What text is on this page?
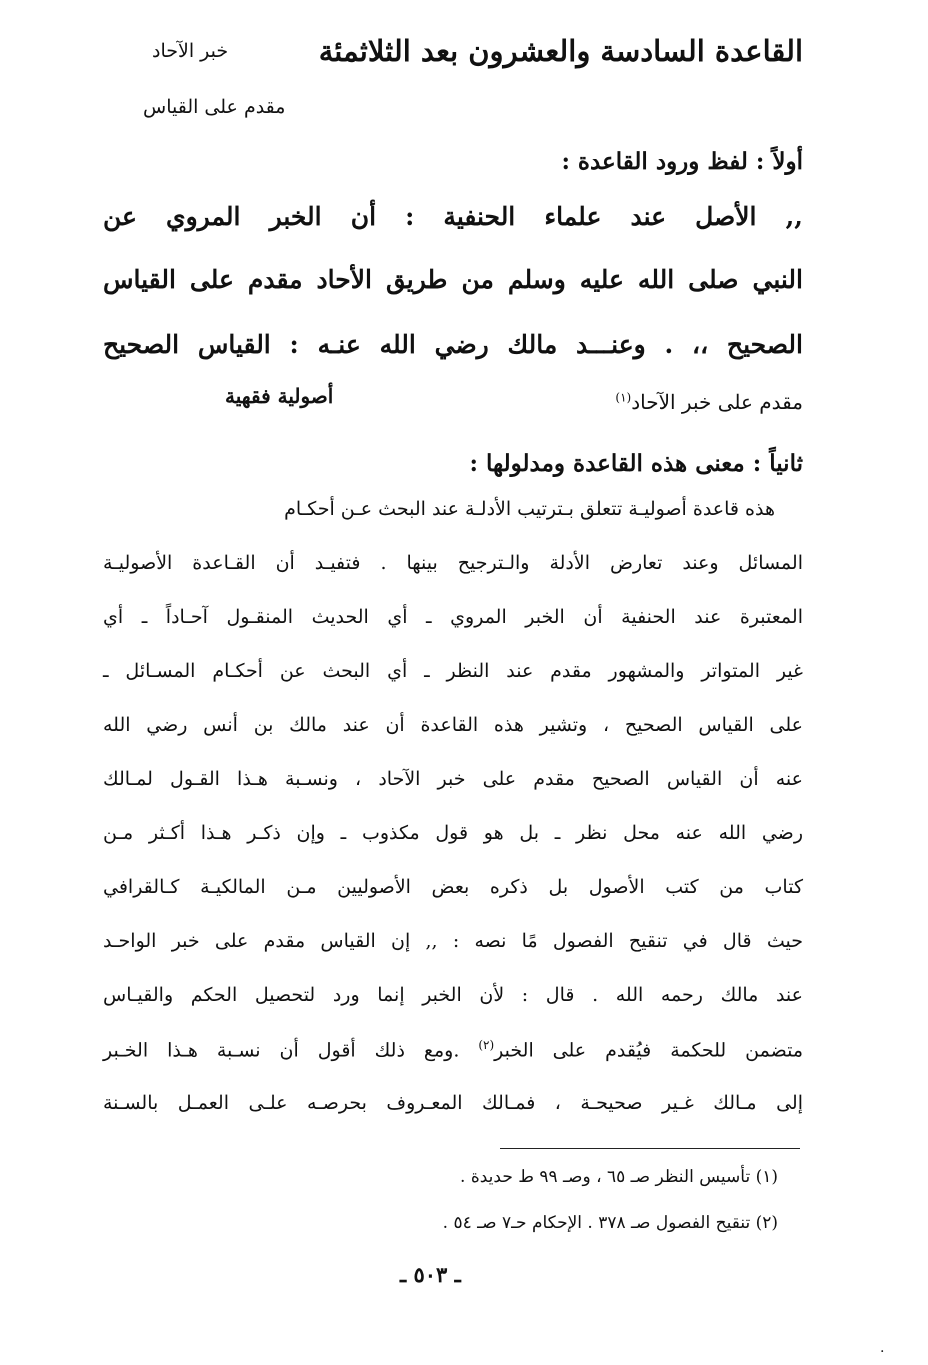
القاعدة السادسة والعشرون بعد الثلاثمئة
خبر الآحاد
مقدم على القياس
أولاً : لفظ ورود القاعدة :
,, الأصل عند علماء الحنفية : أن الخبر المروي عن
النبي صلى الله عليه وسلم من طريق الأحاد مقدم على القياس
الصحيح ،، . وعنـــد مالك رضي الله عنـه : القياس الصحيح
مقدم على خبر الآحاد$^{(١)}$
أصولية فقهية
ثانياً : معنى هذه القاعدة ومدلولها :
هذه قاعدة أصوليـة تتعلق بـترتيب الأدلـة عند البحث عـن أحكـام
المسائل وعند تعارض الأدلة والـترجيح بينها . فتفيـد أن القـاعدة الأصوليـة
المعتبرة عند الحنفية أن الخبر المروي ـ أي الحديث المنقـول آحـاداً ـ أي
غير المتواتر والمشهور مقدم عند النظر ـ أي البحث عن أحكـام المسـائل ـ
على القياس الصحيح ، وتشير هذه القاعدة أن عند مالك بن أنس رضي الله
عنه أن القياس الصحيح مقدم على خبر الآحاد ، ونسـبة هـذا القـول لمـالك
رضي الله عنه محل نظر ـ بل هو قول مكذوب ـ وإن ذكـر هـذا أكـثر مـن
كتاب من كتب الأصول بل ذكره بعض الأصوليين مـن المالكيـة كـالقرافي
حيث قال في تنقيح الفصول مًا نصه : ,, إن القياس مقدم على خبر الواحـد
عند مالك رحمه الله . قال : لأن الخبر إنما ورد لتحصيل الحكم والقيـاس
متضمن للحكمة فيُقدم على الخبر$^{(٢)}$ .ومع ذلك أقول أن نسـبة هـذا الخـبر
إلى مـالك غـير صحيحـة ، فمـالك المعـروف بحرصـه علـى العمـل بالسـنة
(١) تأسيس النظر صـ ٦٥ ، وصـ ٩٩ ط حديدة .
(٢) تنقيح الفصول صـ ٣٧٨ . الإحكام حـ٧ صـ ٥٤ .
ـ ٥٠٣ ـ
.
